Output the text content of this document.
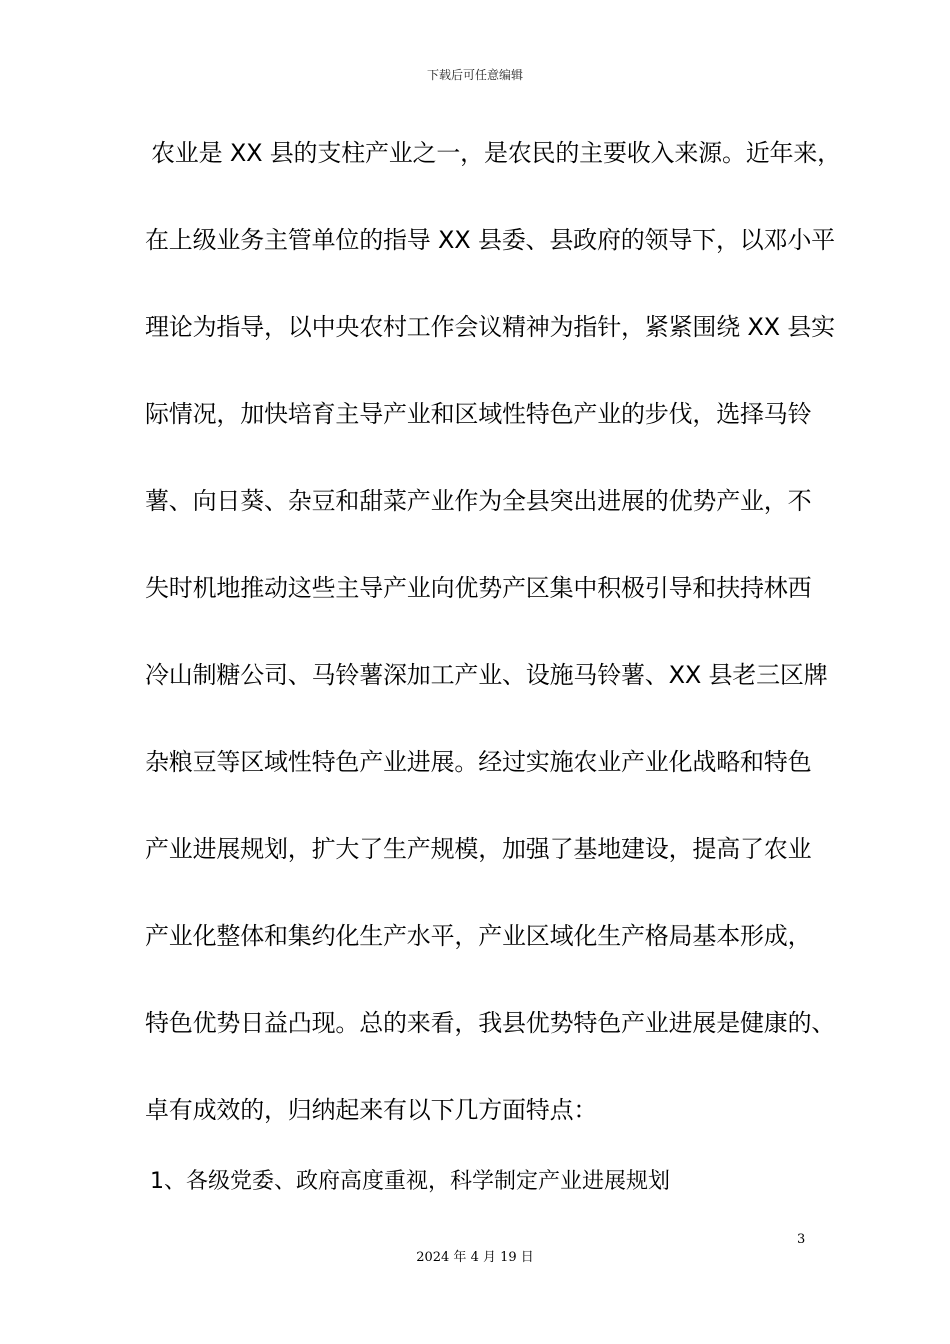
下载后可任意编辑
农业是 XX 县的支柱产业之一，是农民的主要收入来源。近年来，
在上级业务主管单位的指导 XX 县委、县政府的领导下，以邓小平
理论为指导，以中央农村工作会议精神为指针，紧紧围绕 XX 县实
际情况，加快培育主导产业和区域性特色产业的步伐，选择马铃
薯、向日葵、杂豆和甜菜产业作为全县突出进展的优势产业，不
失时机地推动这些主导产业向优势产区集中积极引导和扶持林西
冷山制糖公司、马铃薯深加工产业、设施马铃薯、XX 县老三区牌
杂粮豆等区域性特色产业进展。经过实施农业产业化战略和特色
产业进展规划，扩大了生产规模，加强了基地建设，提高了农业
产业化整体和集约化生产水平，产业区域化生产格局基本形成，
特色优势日益凸现。总的来看，我县优势特色产业进展是健康的、
卓有成效的，归纳起来有以下几方面特点：
1、各级党委、政府高度重视，科学制定产业进展规划
3
2024 年 4 月 19 日
